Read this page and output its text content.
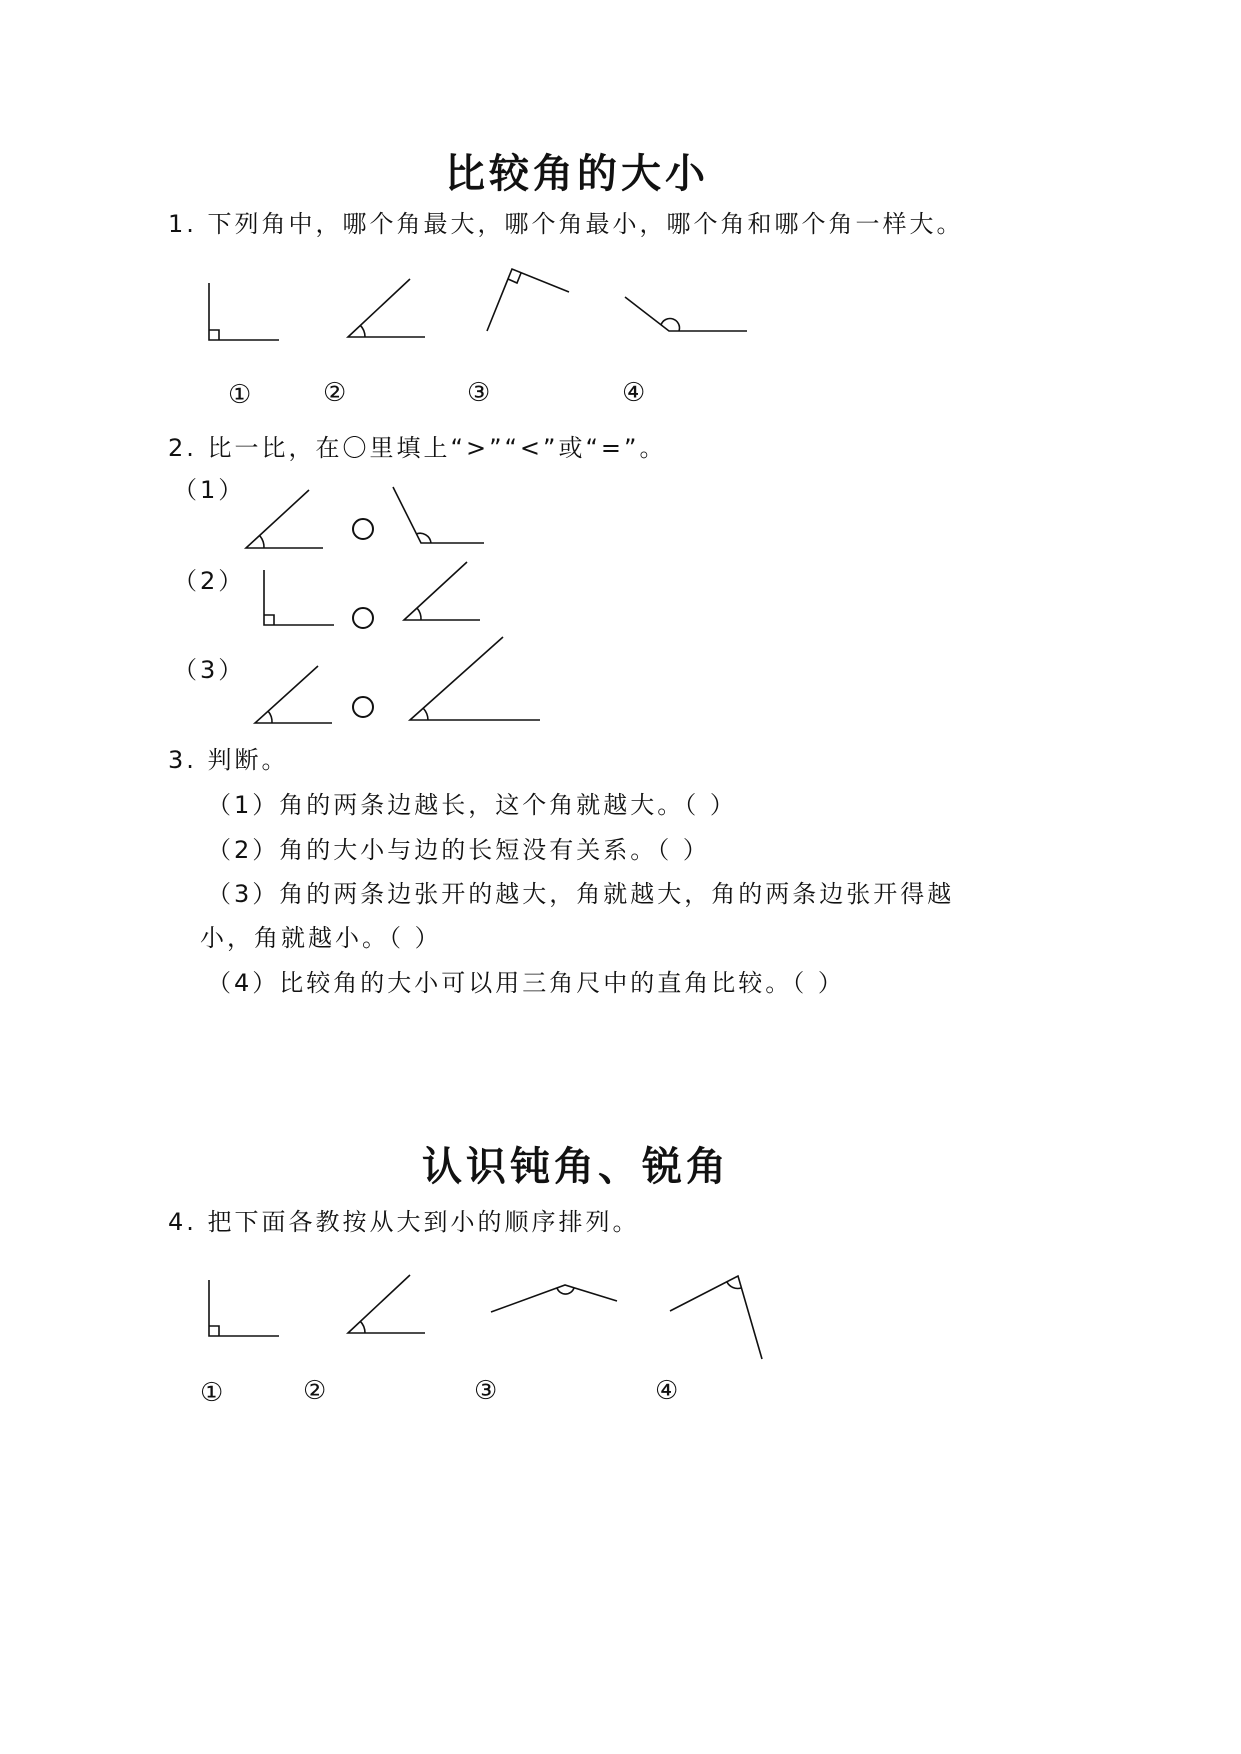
比较角的大小
1. 下列角中，哪个角最大，哪个角最小，哪个角和哪个角一样大。
①	②	③	④
2. 比一比，在〇里填上“>”“<”或“=”。
（1）
（2）
（3）
3. 判断。
（1）角的两条边越长，这个角就越大。（ ）
（2）角的大小与边的长短没有关系。（ ）
（3）角的两条边张开的越大，角就越大，角的两条边张开得越
小，角就越小。（ ）
（4）比较角的大小可以用三角尺中的直角比较。（ ）
认识钝角、锐角
4. 把下面各教按从大到小的顺序排列。
①	②	③	④
